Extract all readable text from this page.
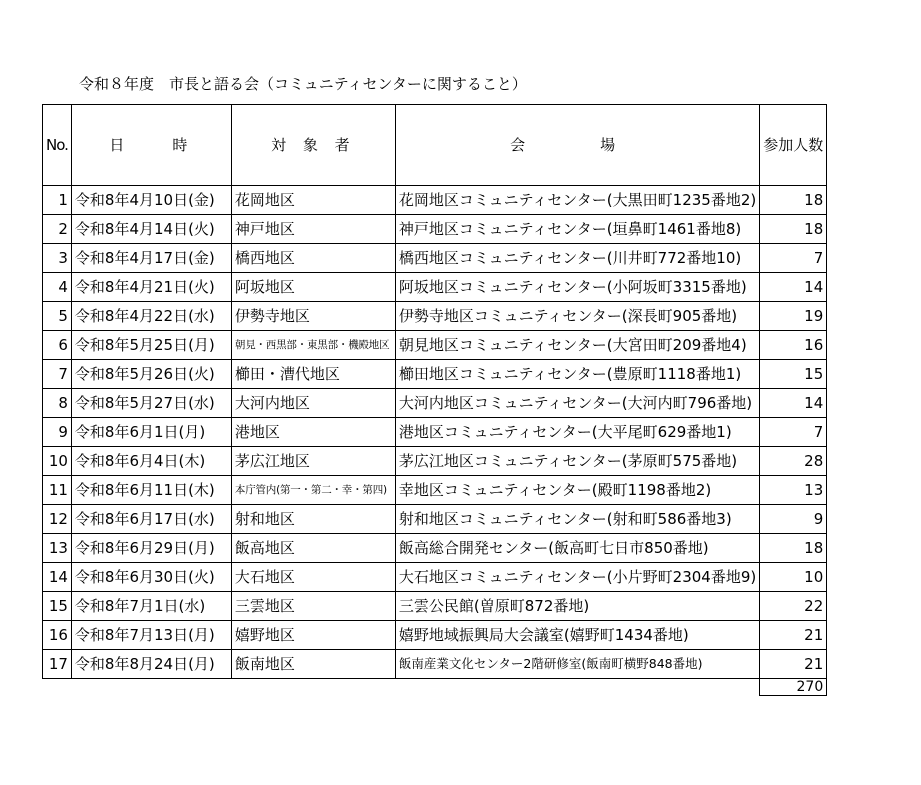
令和８年度　市長と語る会（コミュニティセンターに関すること）
No.	日　　時	対 象 者	会　場	参加人数
1	令和8年4月10日(金)	花岡地区	花岡地区コミュニティセンター(大黒田町1235番地2)	18
2	令和8年4月14日(火)	神戸地区	神戸地区コミュニティセンター(垣鼻町1461番地8)	18
3	令和8年4月17日(金)	橋西地区	橋西地区コミュニティセンター(川井町772番地10)	7
4	令和8年4月21日(火)	阿坂地区	阿坂地区コミュニティセンター(小阿坂町3315番地)	14
5	令和8年4月22日(水)	伊勢寺地区	伊勢寺地区コミュニティセンター(深長町905番地)	19
6	令和8年5月25日(月)	朝見・西黒部・東黒部・機殿地区	朝見地区コミュニティセンター(大宮田町209番地4)	16
7	令和8年5月26日(火)	櫛田・漕代地区	櫛田地区コミュニティセンター(豊原町1118番地1)	15
8	令和8年5月27日(水)	大河内地区	大河内地区コミュニティセンター(大河内町796番地)	14
9	令和8年6月1日(月)	港地区	港地区コミュニティセンター(大平尾町629番地1)	7
10	令和8年6月4日(木)	茅広江地区	茅広江地区コミュニティセンター(茅原町575番地)	28
11	令和8年6月11日(木)	本庁管内(第一・第二・幸・第四)	幸地区コミュニティセンター(殿町1198番地2)	13
12	令和8年6月17日(水)	射和地区	射和地区コミュニティセンター(射和町586番地3)	9
13	令和8年6月29日(月)	飯高地区	飯高総合開発センター(飯高町七日市850番地)	18
14	令和8年6月30日(火)	大石地区	大石地区コミュニティセンター(小片野町2304番地9)	10
15	令和8年7月1日(水)	三雲地区	三雲公民館(曽原町872番地)	22
16	令和8年7月13日(月)	嬉野地区	嬉野地域振興局大会議室(嬉野町1434番地)	21
17	令和8年8月24日(月)	飯南地区	飯南産業文化センター2階研修室(飯南町横野848番地)	21
				270
